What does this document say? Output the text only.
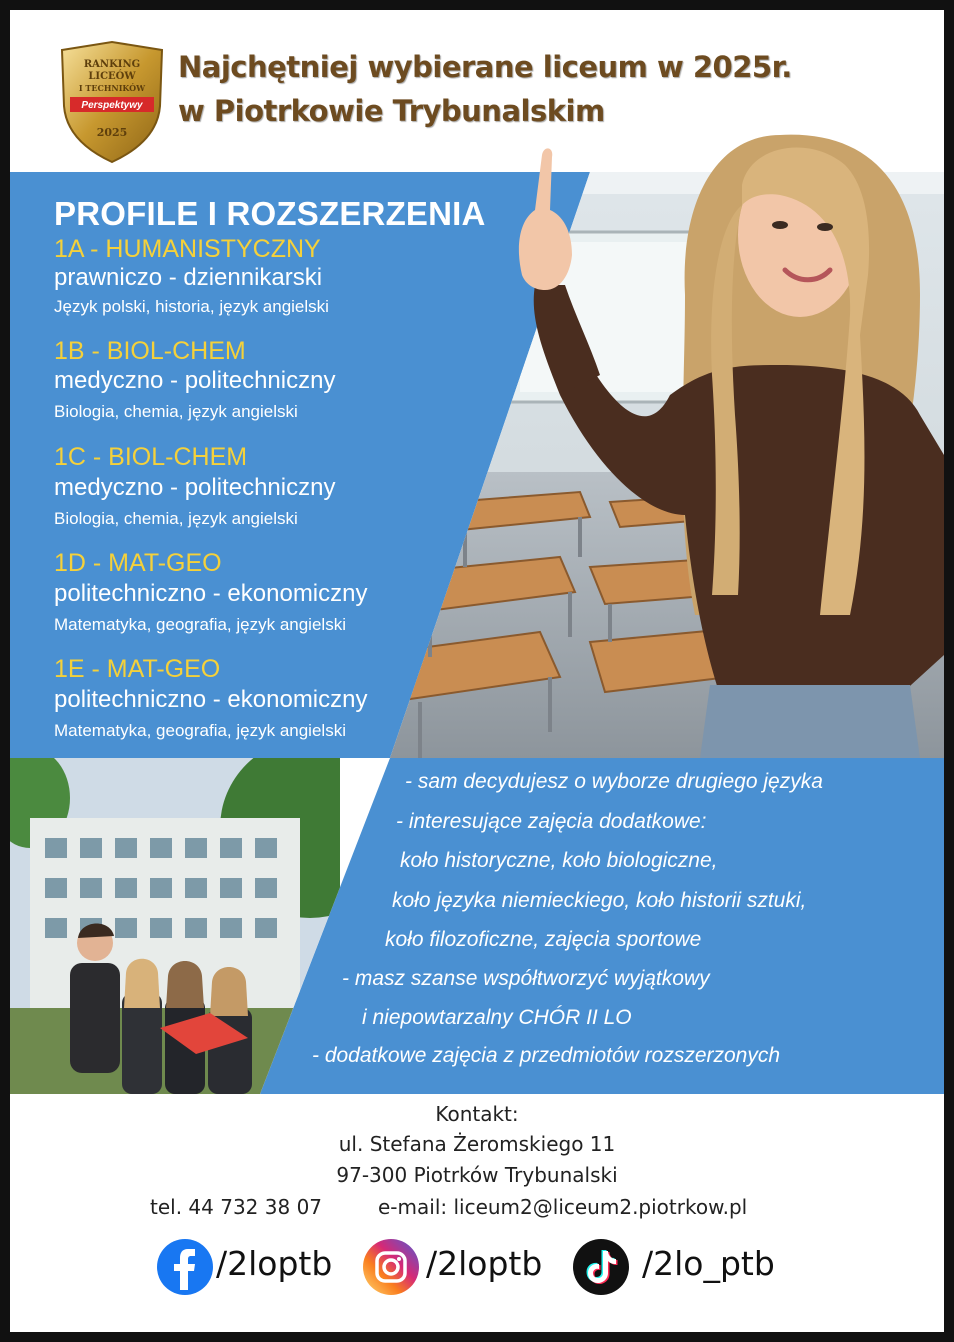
RANKING
LICEÓW
I TECHNIKÓW
Perspektywy
2025
Najchętniej wybierane liceum w 2025r.
w Piotrkowie Trybunalskim
PROFILE I ROZSZERZENIA
1A - HUMANISTYCZNY
prawniczo - dziennikarski
Język polski, historia, język angielski
1B - BIOL-CHEM
medyczno - politechniczny
Biologia, chemia, język angielski
1C - BIOL-CHEM
medyczno - politechniczny
Biologia, chemia, język angielski
1D - MAT-GEO
politechniczno - ekonomiczny
Matematyka, geografia, język angielski
1E - MAT-GEO
politechniczno - ekonomiczny
Matematyka, geografia, język angielski
- sam decydujesz o wyborze drugiego języka
- interesujące zajęcia dodatkowe:
koło historyczne, koło biologiczne,
koło języka niemieckiego, koło historii sztuki,
koło filozoficzne, zajęcia sportowe
- masz szanse współtworzyć wyjątkowy
i niepowtarzalny CHÓR II LO
- dodatkowe zajęcia z przedmiotów rozszerzonych
Kontakt:
ul. Stefana Żeromskiego 11
97-300 Piotrków Trybunalski
tel. 44 732 38 07	e-mail: liceum2@liceum2.piotrkow.pl
/2loptb	/2loptb	/2lo_ptb
